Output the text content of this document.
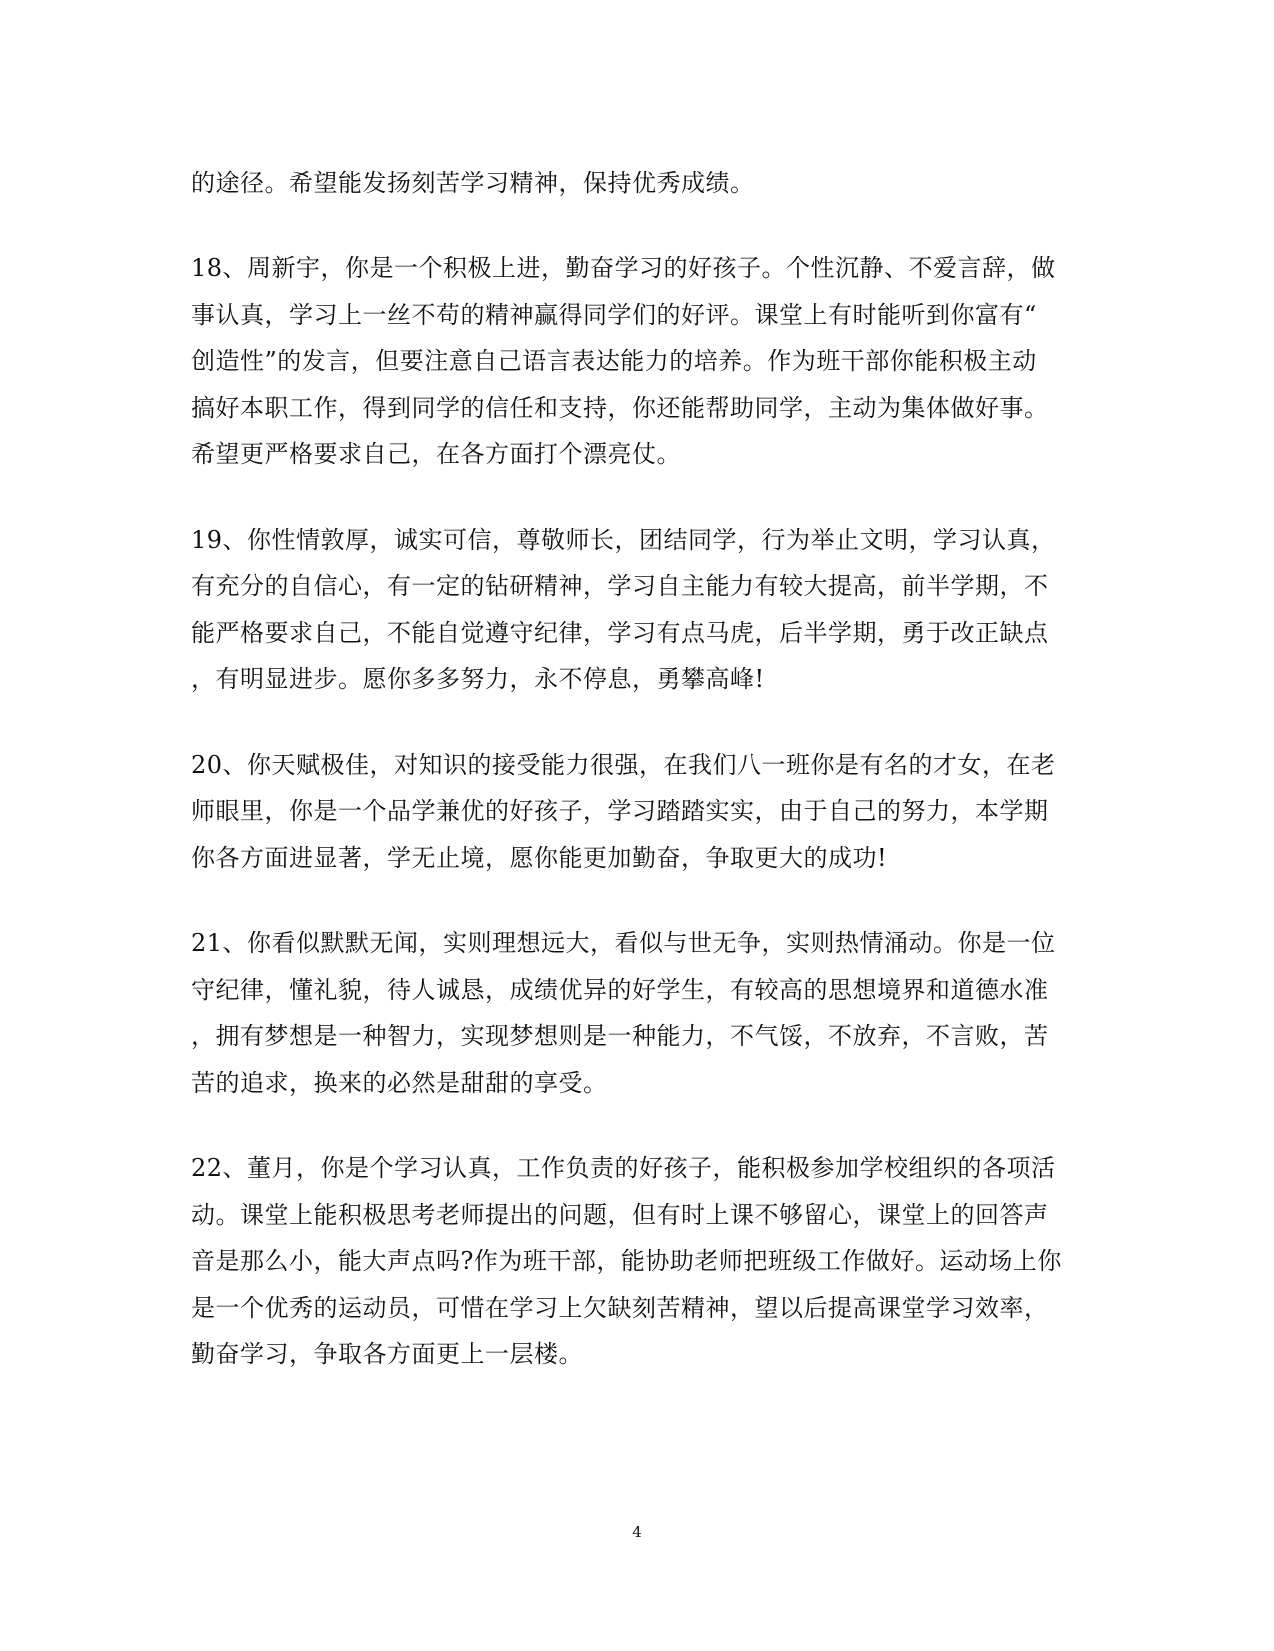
的途径。希望能发扬刻苦学习精神，保持优秀成绩。
18、周新宇，你是一个积极上进，勤奋学习的好孩子。个性沉静、不爱言辞，做
事认真，学习上一丝不苟的精神赢得同学们的好评。课堂上有时能听到你富有“
创造性”的发言，但要注意自己语言表达能力的培养。作为班干部你能积极主动
搞好本职工作，得到同学的信任和支持，你还能帮助同学，主动为集体做好事。
希望更严格要求自己，在各方面打个漂亮仗。
19、你性情敦厚，诚实可信，尊敬师长，团结同学，行为举止文明，学习认真，
有充分的自信心，有一定的钻研精神，学习自主能力有较大提高，前半学期，不
能严格要求自己，不能自觉遵守纪律，学习有点马虎，后半学期，勇于改正缺点
，有明显进步。愿你多多努力，永不停息，勇攀高峰!
20、你天赋极佳，对知识的接受能力很强，在我们八一班你是有名的才女，在老
师眼里，你是一个品学兼优的好孩子，学习踏踏实实，由于自己的努力，本学期
你各方面进显著，学无止境，愿你能更加勤奋，争取更大的成功!
21、你看似默默无闻，实则理想远大，看似与世无争，实则热情涌动。你是一位
守纪律，懂礼貌，待人诚恳，成绩优异的好学生，有较高的思想境界和道德水准
，拥有梦想是一种智力，实现梦想则是一种能力，不气馁，不放弃，不言败，苦
苦的追求，换来的必然是甜甜的享受。
22、董月，你是个学习认真，工作负责的好孩子，能积极参加学校组织的各项活
动。课堂上能积极思考老师提出的问题，但有时上课不够留心，课堂上的回答声
音是那么小，能大声点吗?作为班干部，能协助老师把班级工作做好。运动场上你
是一个优秀的运动员，可惜在学习上欠缺刻苦精神，望以后提高课堂学习效率，
勤奋学习，争取各方面更上一层楼。
4
